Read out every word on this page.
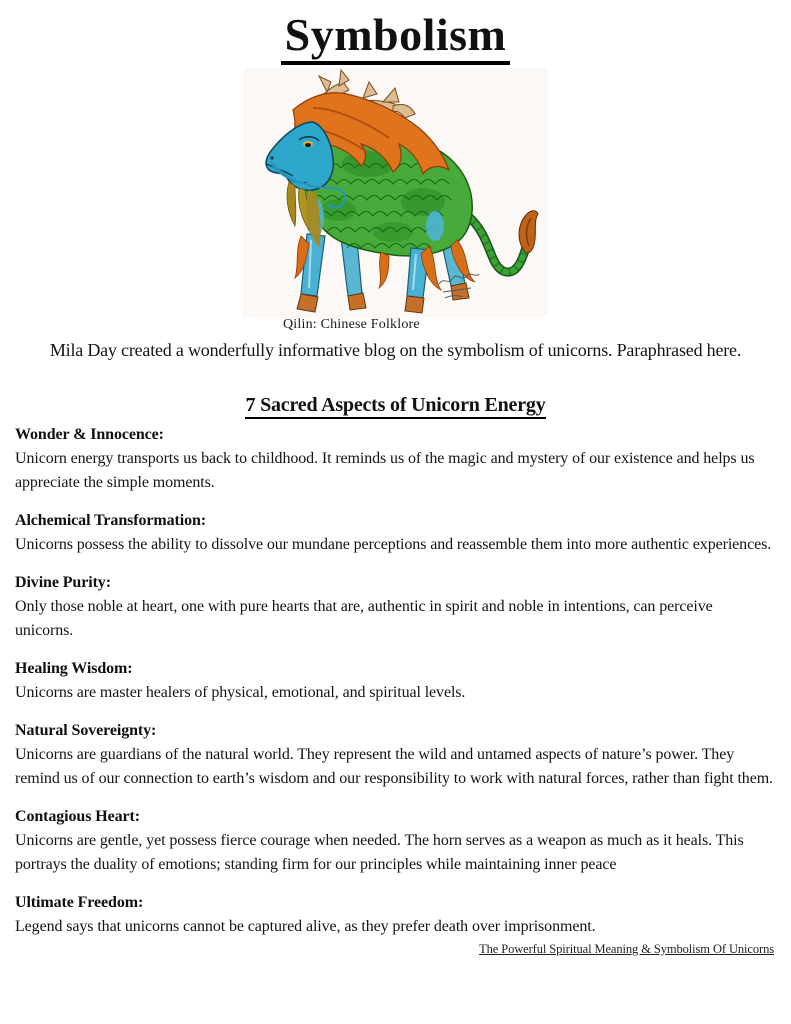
Symbolism
Qilin: Chinese Folklore
Mila Day created a wonderfully informative blog on the symbolism of unicorns. Paraphrased here.
7 Sacred Aspects of Unicorn Energy
Wonder & Innocence:
Unicorn energy transports us back to childhood. It reminds us of the magic and mystery of our existence and helps us appreciate the simple moments.
Alchemical Transformation:
Unicorns possess the ability to dissolve our mundane perceptions and reassemble them into more authentic experiences.
Divine Purity:
Only those noble at heart, one with pure hearts that are, authentic in spirit and noble in intentions, can perceive unicorns.
Healing Wisdom:
Unicorns are master healers of physical, emotional, and spiritual levels.
Natural Sovereignty:
Unicorns are guardians of the natural world. They represent the wild and untamed aspects of nature’s power. They remind us of our connection to earth’s wisdom and our responsibility to work with natural forces, rather than fight them.
Contagious Heart:
Unicorns are gentle, yet possess fierce courage when needed. The horn serves as a weapon as much as it heals. This portrays the duality of emotions; standing firm for our principles while maintaining inner peace
Ultimate Freedom:
Legend says that unicorns cannot be captured alive, as they prefer death over imprisonment.
The Powerful Spiritual Meaning & Symbolism Of Unicorns
